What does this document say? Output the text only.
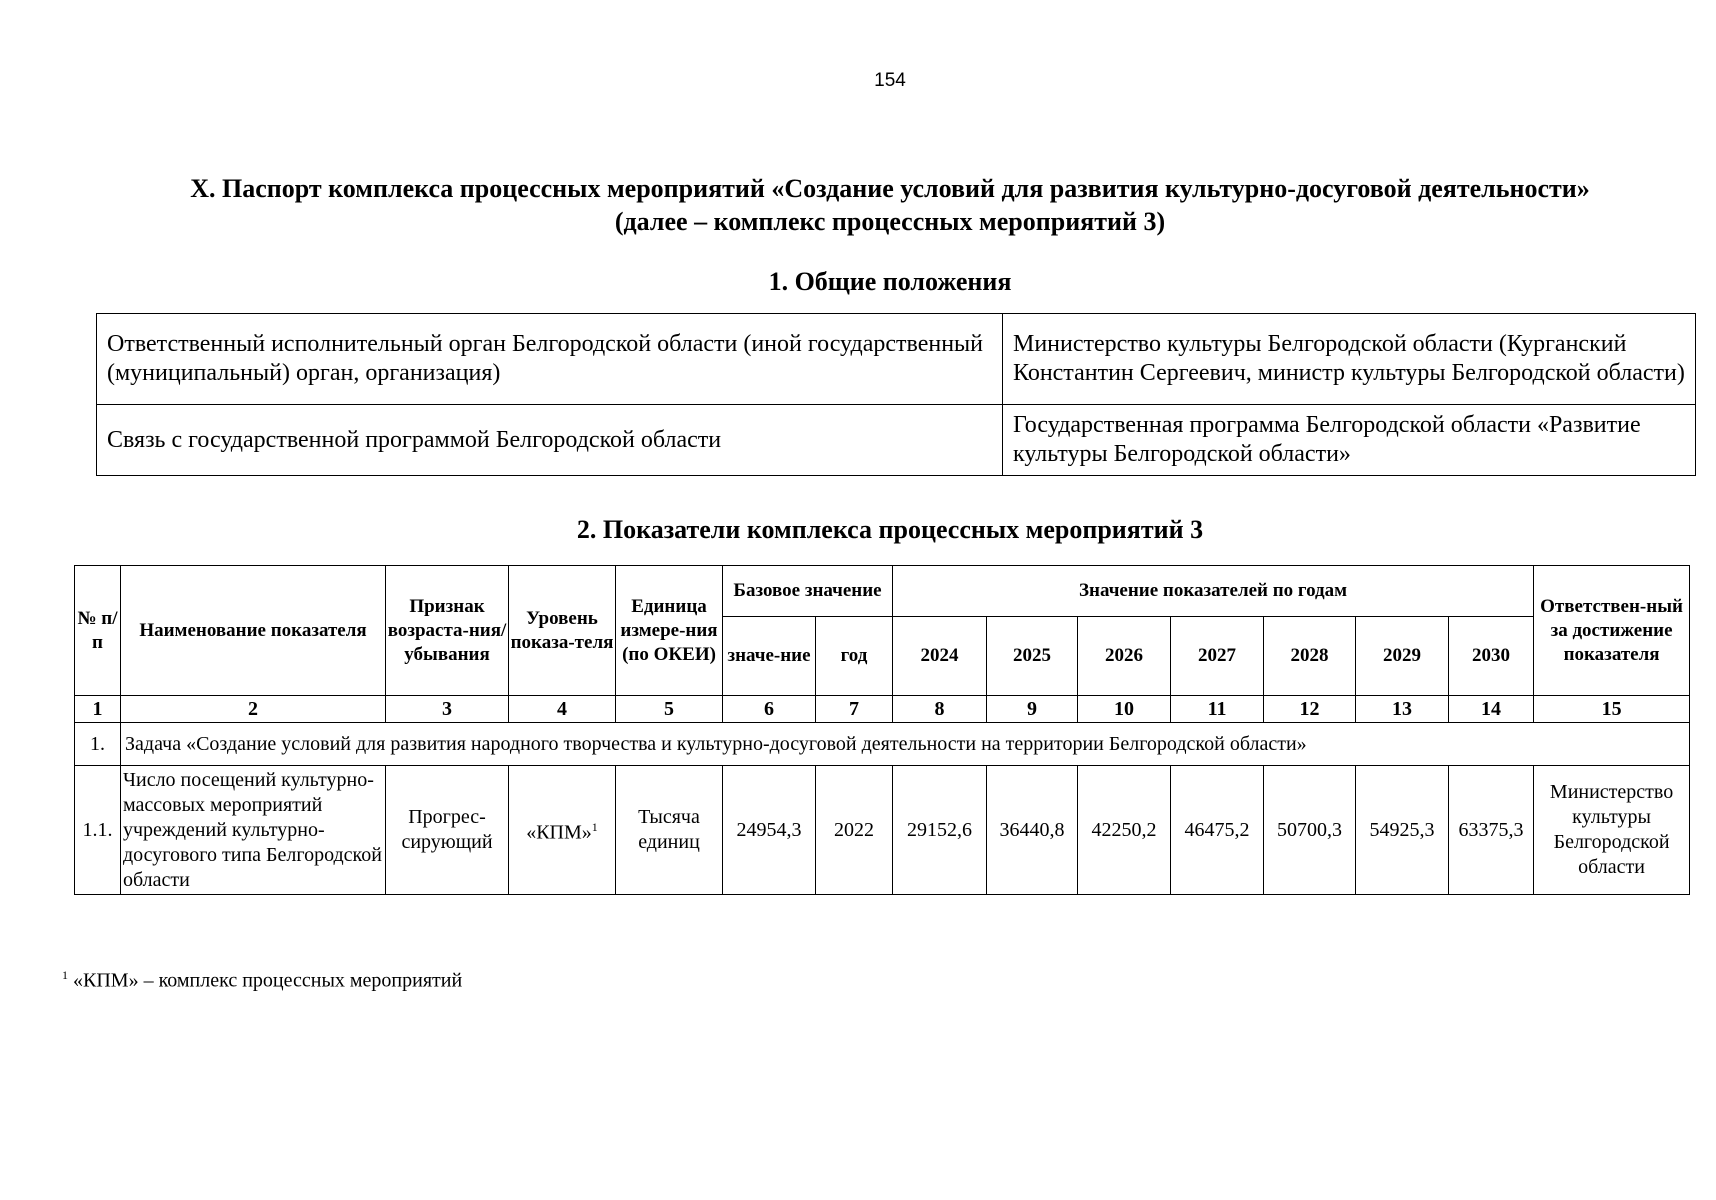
154
X. Паспорт комплекса процессных мероприятий «Создание условий для развития культурно-досуговой деятельности»
(далее – комплекс процессных мероприятий 3)
1. Общие положения
Ответственный исполнительный орган Белгородской области (иной государственный (муниципальный) орган, организация)	Министерство культуры Белгородской области (Курганский Константин Сергеевич, министр культуры Белгородской области)
Связь с государственной программой Белгородской области	Государственная программа Белгородской области «Развитие культуры Белгородской области»
2. Показатели комплекса процессных мероприятий 3
№ п/п	Наименование показателя	Признак возраста-ния/ убывания	Уровень показа-теля	Единица измере-ния (по ОКЕИ)	Базовое значение		Значение показателей по годам							Ответствен-ный за достижение показателя
					значе-ние	год	2024	2025	2026	2027	2028	2029	2030	
1	2	3	4	5	6	7	8	9	10	11	12	13	14	15
1.	Задача «Создание условий для развития народного творчества и культурно-досуговой деятельности на территории Белгородской области»													
1.1.	Число посещений культурно-массовых мероприятий учреждений культурно-досугового типа Белгородской области	Прогрес-сирующий	«КПМ»$^1$	Тысяча единиц	24954,3	2022	29152,6	36440,8	42250,2	46475,2	50700,3	54925,3	63375,3	Министерство культуры Белгородской области
$^1$ «КПМ» – комплекс процессных мероприятий
